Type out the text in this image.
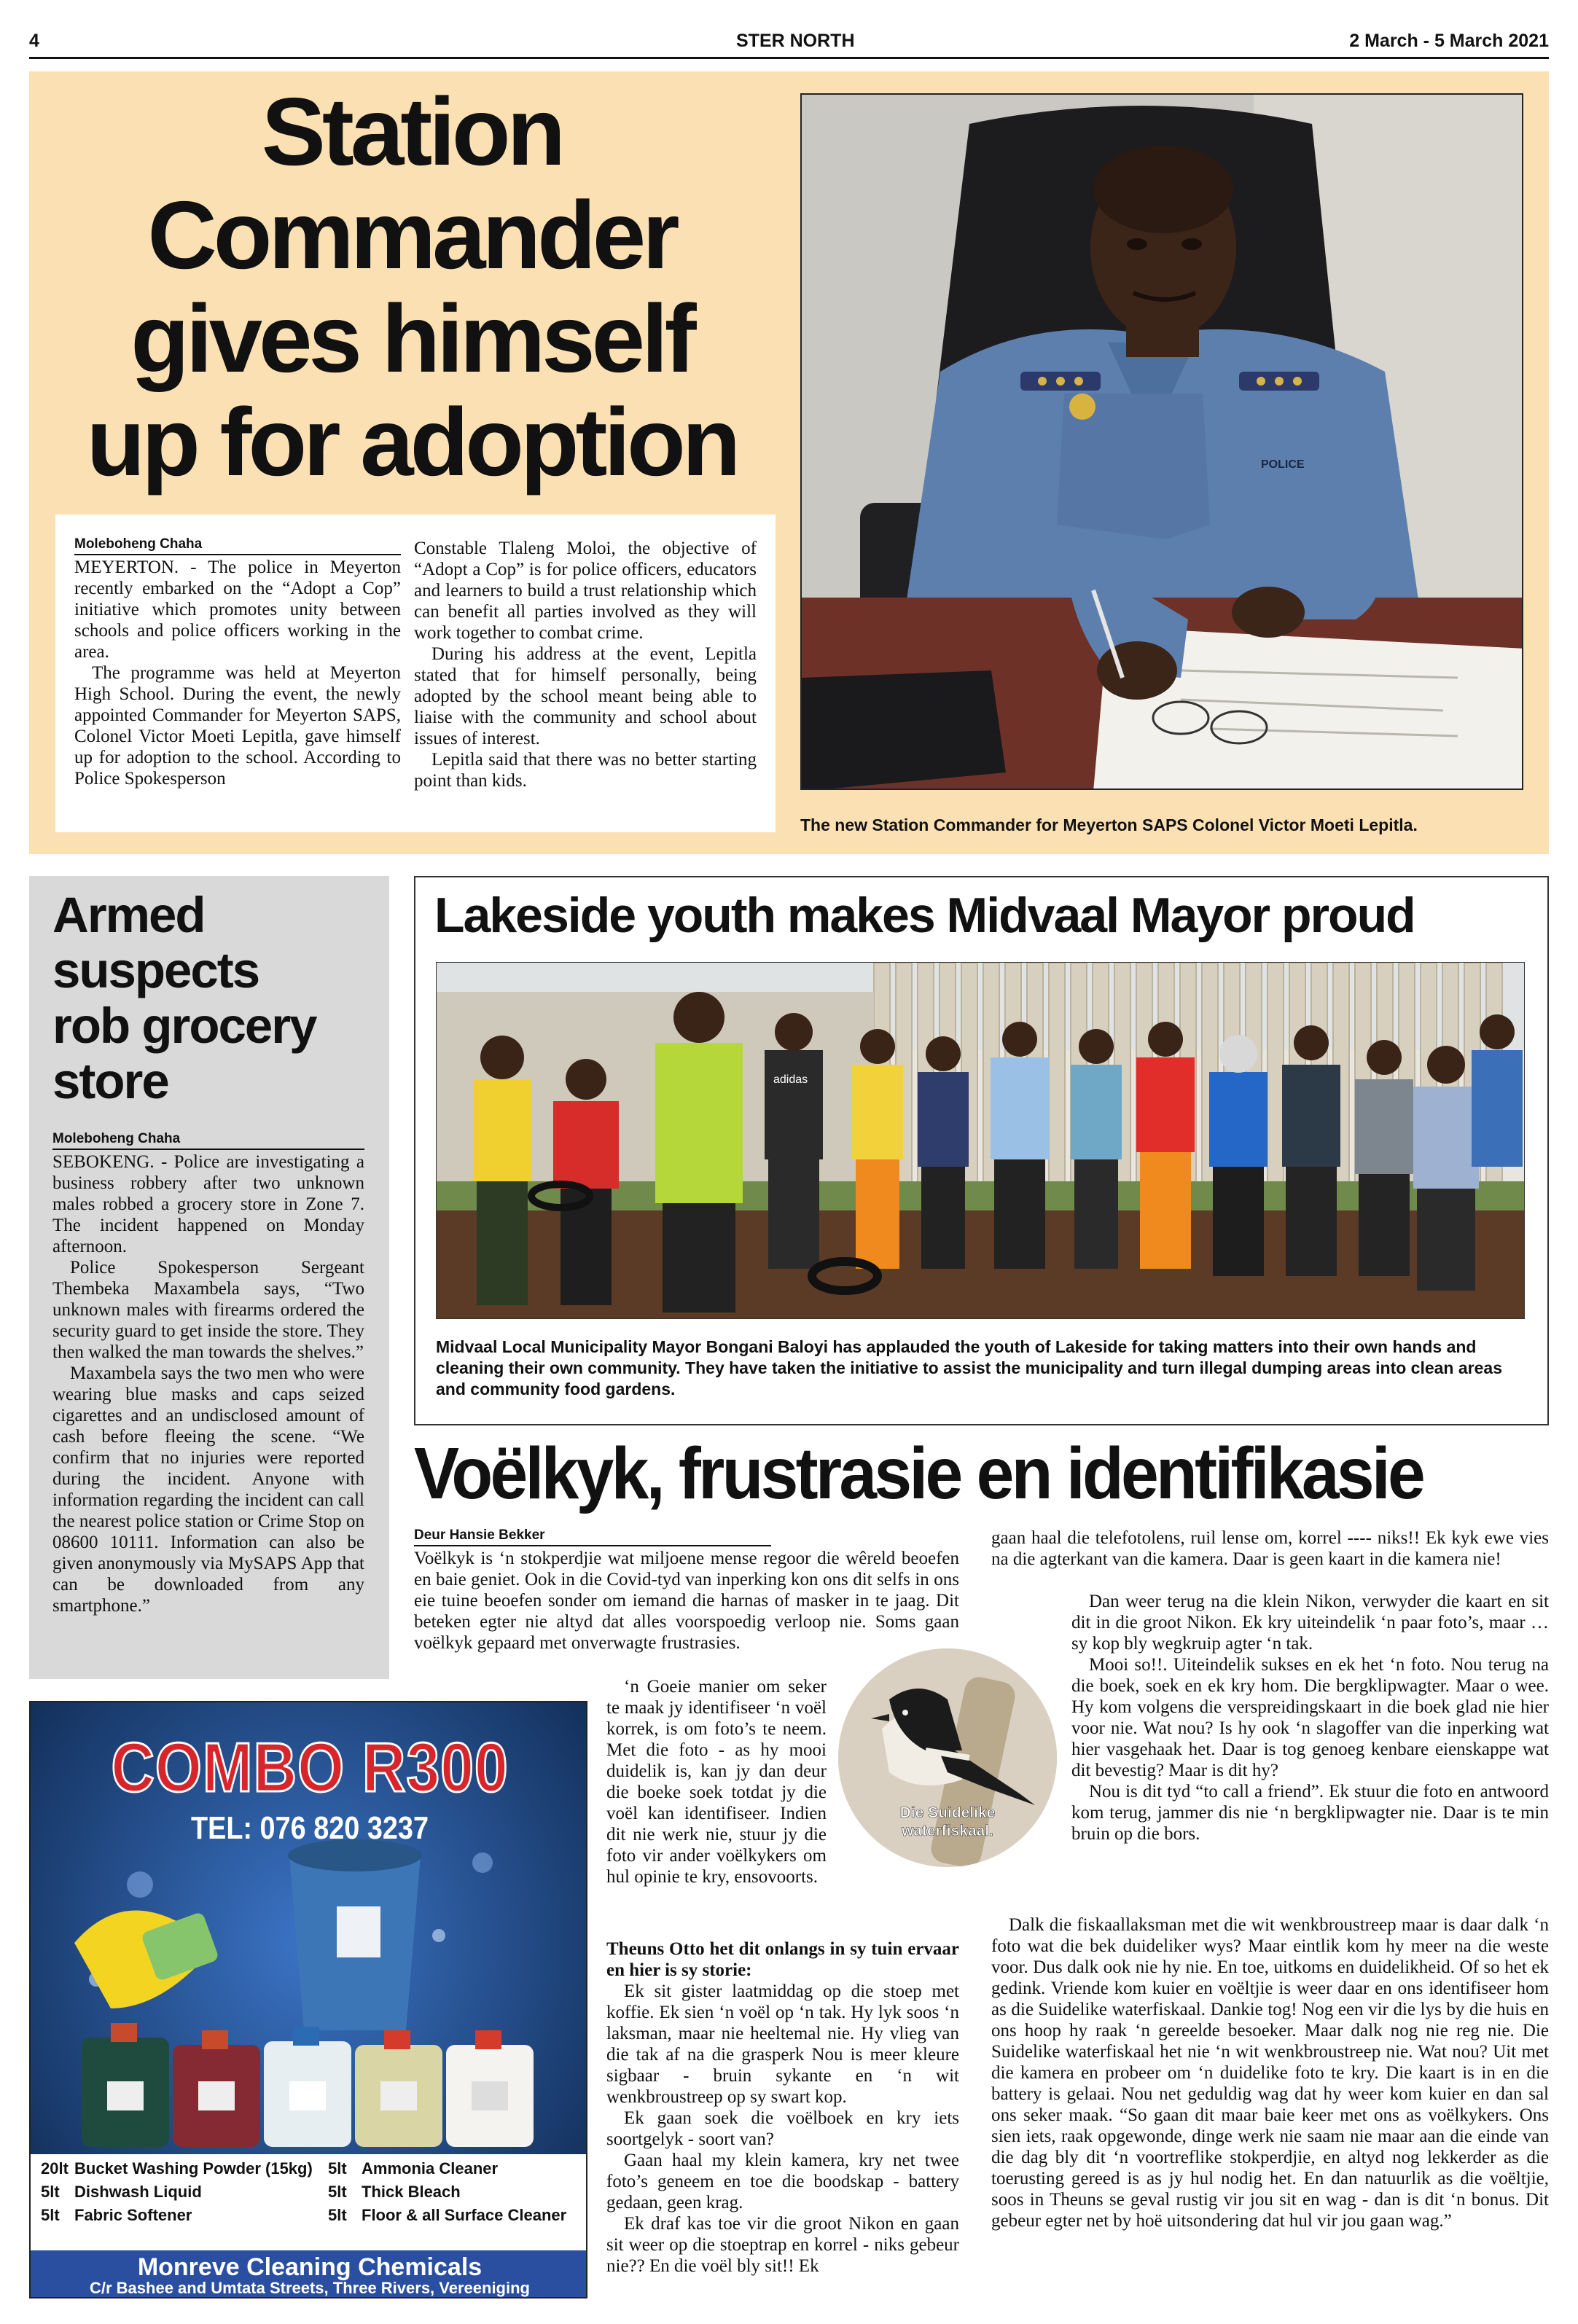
4	STER NORTH	2 March - 5 March 2021
Station
Commander
gives himself
up for adoption
Moleboheng Chaha

MEYERTON. - The police in Meyerton recently embarked on the “Adopt a Cop” initiative which promotes unity between schools and police officers working in the area.

The programme was held at Meyerton High School. During the event, the newly appointed Commander for Meyerton SAPS, Colonel Victor Moeti Lepitla, gave himself up for adoption to the school. According to Police Spokesperson

Constable Tlaleng Moloi, the objective of “Adopt a Cop” is for police officers, educators and learners to build a trust relationship which can benefit all parties involved as they will work together to combat crime.

During his address at the event, Lepitla stated that for himself personally, being adopted by the school meant being able to liaise with the community and school about issues of interest.

Lepitla said that there was no better starting point than kids.

POLICE
The new Station Commander for Meyerton SAPS Colonel Victor Moeti Lepitla.
Armed
suspects
rob grocery
store
Moleboheng Chaha

SEBOKENG. - Police are investigating a business robbery after two unknown males robbed a grocery store in Zone 7. The incident happened on Monday afternoon.

Police Spokesperson Sergeant Thembeka Maxambela says, “Two unknown males with firearms ordered the security guard to get inside the store. They then walked the man towards the shelves.”

Maxambela says the two men who were wearing blue masks and caps seized cigarettes and an undisclosed amount of cash before fleeing the scene. “We confirm that no injuries were reported during the incident. Anyone with information regarding the incident can call the nearest police station or Crime Stop on 08600 10111. Information can also be given anonymously via MySAPS App that can be downloaded from any smartphone.”

Lakeside youth makes Midvaal Mayor proud
adidas
Midvaal Local Municipality Mayor Bongani Baloyi has applauded the youth of Lakeside for taking matters into their own hands and cleaning their own community. They have taken the initiative to assist the municipality and turn illegal dumping areas into clean areas and community food gardens.
Voëlkyk, frustrasie en identifikasie
Deur Hansie Bekker
Voëlkyk is ‘n stokperdjie wat miljoene mense regoor die wêreld beoefen en baie geniet. Ook in die Covid-tyd van inperking kon ons dit selfs in ons eie tuine beoefen sonder om iemand die harnas of masker in te jaag. Dit beteken egter nie altyd dat alles voorspoedig verloop nie. Soms gaan voëlkyk gepaard met onverwagte frustrasies.

‘n Goeie manier om seker te maak jy identifiseer ‘n voël korrek, is om foto’s te neem. Met die foto - as hy mooi duidelik is, kan jy dan deur die boeke soek totdat jy die voël kan identifiseer. Indien dit nie werk nie, stuur jy die foto vir ander voëlkykers om hul opinie te kry, ensovoorts.

Theuns Otto het dit onlangs in sy tuin ervaar en hier is sy storie:

Ek sit gister laatmiddag op die stoep met koffie. Ek sien ‘n voël op ‘n tak. Hy lyk soos ‘n laksman, maar nie heeltemal nie. Hy vlieg van die tak af na die grasperk Nou is meer kleure sigbaar - bruin sykante en ‘n wit wenkbroustreep op sy swart kop.

Ek gaan soek die voëlboek en kry iets soortgelyk - soort van?

Gaan haal my klein kamera, kry net twee foto’s geneem en toe die boodskap - battery gedaan, geen krag.

Ek draf kas toe vir die groot Nikon en gaan sit weer op die stoeptrap en korrel - niks gebeur nie?? En die voël bly sit!! Ek

gaan haal die telefotolens, ruil lense om, korrel ---- niks!! Ek kyk ewe vies na die agterkant van die kamera. Daar is geen kaart in die kamera nie!

Dan weer terug na die klein Nikon, verwyder die kaart en sit dit in die groot Nikon. Ek kry uiteindelik ‘n paar foto’s, maar … sy kop bly wegkruip agter ‘n tak.

Mooi so!!. Uiteindelik sukses en ek het ‘n foto. Nou terug na die boek, soek en ek kry hom. Die bergklipwagter. Maar o wee. Hy kom volgens die verspreidingskaart in die boek glad nie hier voor nie. Wat nou? Is hy ook ‘n slagoffer van die inperking wat hier vasgehaak het. Daar is tog genoeg kenbare eienskappe wat dit bevestig? Maar is dit hy?

Nou is dit tyd “to call a friend”. Ek stuur die foto en antwoord kom terug, jammer dis nie ‘n bergklipwagter nie. Daar is te min bruin op die bors.

Dalk die fiskaallaksman met die wit wenkbroustreep maar is daar dalk ‘n foto wat die bek duideliker wys? Maar eintlik kom hy meer na die weste voor. Dus dalk ook nie hy nie. En toe, uitkoms en duidelikheid. Of so het ek gedink. Vriende kom kuier en voëltjie is weer daar en ons identifiseer hom as die Suidelike waterfiskaal. Dankie tog! Nog een vir die lys by die huis en ons hoop hy raak ‘n gereelde besoeker. Maar dalk nog nie reg nie. Die Suidelike waterfiskaal het nie ‘n wit wenkbroustreep nie. Wat nou? Uit met die kamera en probeer om ‘n duidelike foto te kry. Die kaart is in en die battery is gelaai. Nou net geduldig wag dat hy weer kom kuier en dan sal ons seker maak. “So gaan dit maar baie keer met ons as voëlkykers. Ons sien iets, raak opgewonde, dinge werk nie saam nie maar aan die einde van die dag bly dit ‘n voortreflike stokperdjie, en altyd nog lekkerder as die toerusting gereed is as jy hul nodig het. En dan natuurlik as die voëltjie, soos in Theuns se geval rustig vir jou sit en wag - dan is dit ‘n bonus. Dit gebeur egter net by hoë uitsondering dat hul vir jou gaan wag.”

Die Suidelike
waterfiskaal.
COMBO R300
TEL: 076 820 3237
20lt Bucket Washing Powder (15kg)
5lt Dishwash Liquid
5lt Fabric Softener
5lt Ammonia Cleaner
5lt Thick Bleach
5lt Floor & all Surface Cleaner
Monreve Cleaning Chemicals
C/r Bashee and Umtata Streets, Three Rivers, Vereeniging
